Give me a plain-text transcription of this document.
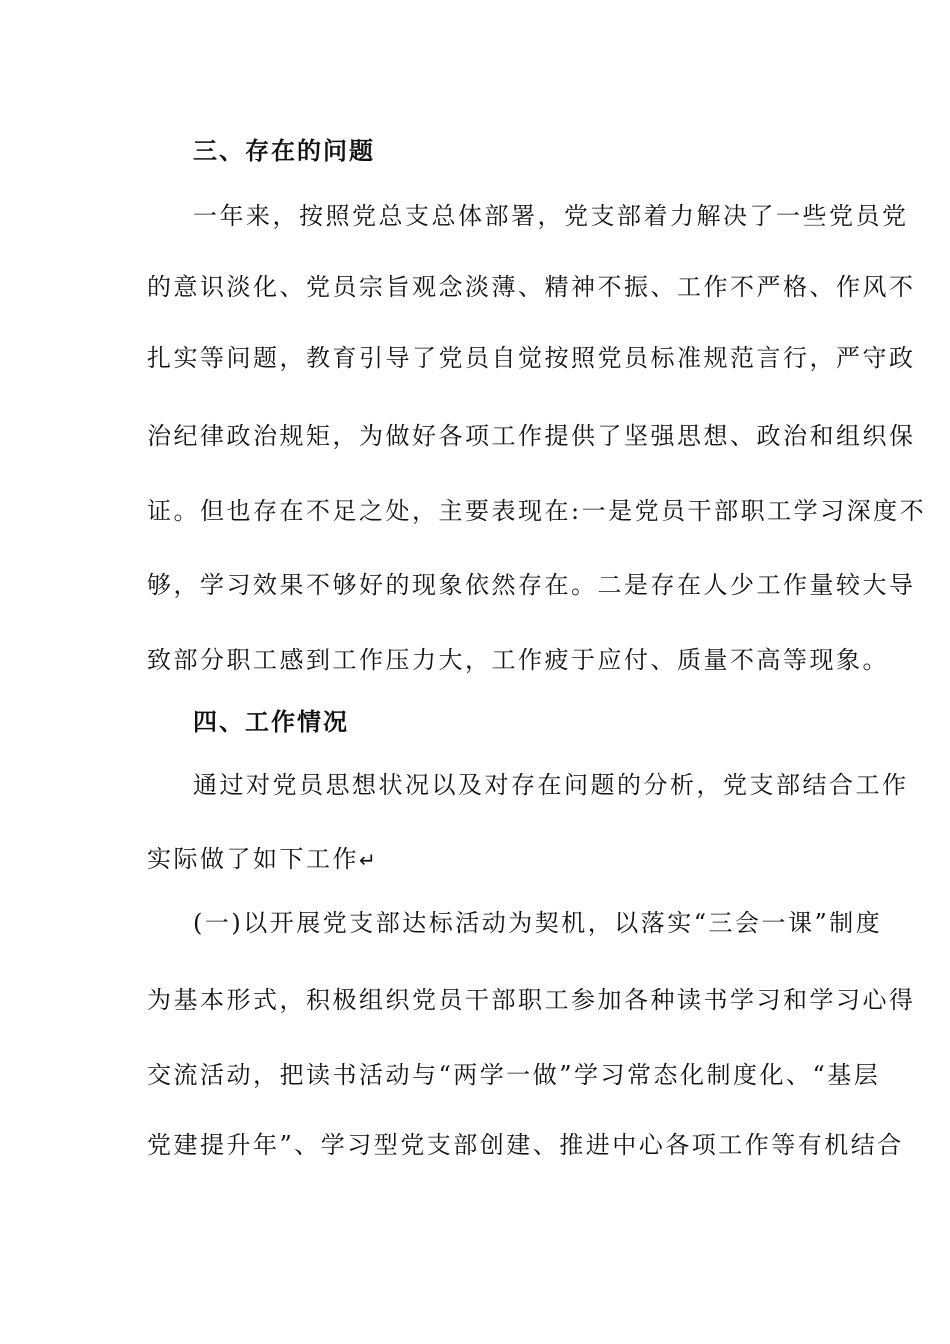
三、存在的问题
一年来，按照党总支总体部署，党支部着力解决了一些党员党
的意识淡化、党员宗旨观念淡薄、精神不振、工作不严格、作风不
扎实等问题，教育引导了党员自觉按照党员标准规范言行，严守政
治纪律政治规矩，为做好各项工作提供了坚强思想、政治和组织保
证。但也存在不足之处，主要表现在:一是党员干部职工学习深度不
够，学习效果不够好的现象依然存在。二是存在人少工作量较大导
致部分职工感到工作压力大，工作疲于应付、质量不高等现象。
四、工作情况
通过对党员思想状况以及对存在问题的分析，党支部结合工作
实际做了如下工作↵
(一)以开展党支部达标活动为契机，以落实“三会一课”制度
为基本形式，积极组织党员干部职工参加各种读书学习和学习心得
交流活动，把读书活动与“两学一做”学习常态化制度化、“基层
党建提升年”、学习型党支部创建、推进中心各项工作等有机结合
